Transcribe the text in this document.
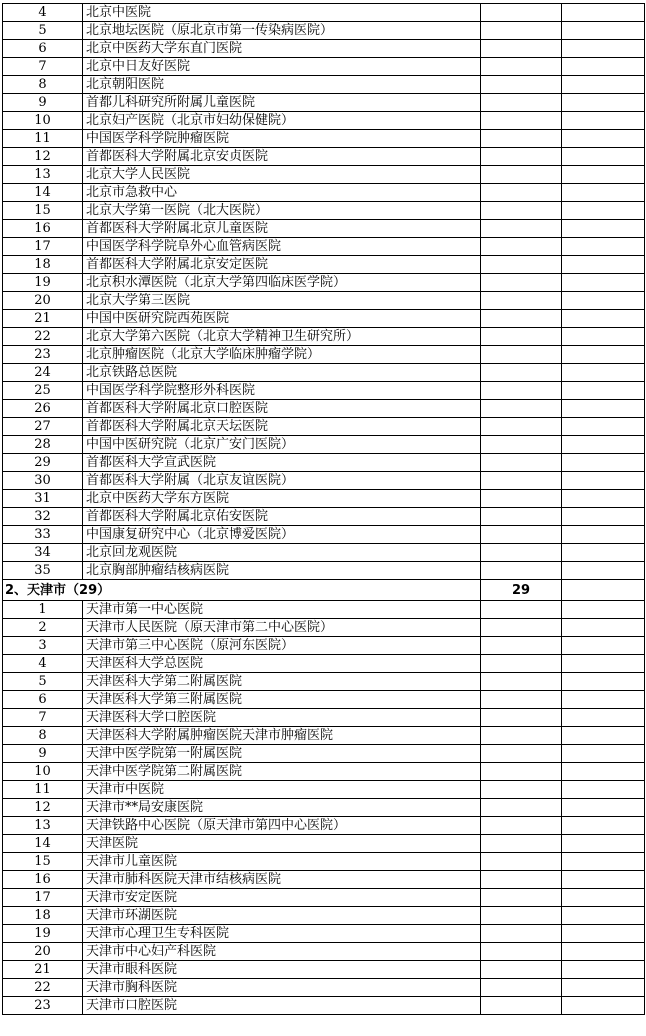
4	北京中医院		
5	北京地坛医院（原北京市第一传染病医院）		
6	北京中医药大学东直门医院		
7	北京中日友好医院		
8	北京朝阳医院		
9	首都儿科研究所附属儿童医院		
10	北京妇产医院（北京市妇幼保健院）		
11	中国医学科学院肿瘤医院		
12	首都医科大学附属北京安贞医院		
13	北京大学人民医院		
14	北京市急救中心		
15	北京大学第一医院（北大医院）		
16	首都医科大学附属北京儿童医院		
17	中国医学科学院阜外心血管病医院		
18	首都医科大学附属北京安定医院		
19	北京积水潭医院（北京大学第四临床医学院）		
20	北京大学第三医院		
21	中国中医研究院西苑医院		
22	北京大学第六医院（北京大学精神卫生研究所）		
23	北京肿瘤医院（北京大学临床肿瘤学院）		
24	北京铁路总医院		
25	中国医学科学院整形外科医院		
26	首都医科大学附属北京口腔医院		
27	首都医科大学附属北京天坛医院		
28	中国中医研究院（北京广安门医院）		
29	首都医科大学宣武医院		
30	首都医科大学附属（北京友谊医院）		
31	北京中医药大学东方医院		
32	首都医科大学附属北京佑安医院		
33	中国康复研究中心（北京博爱医院）		
34	北京回龙观医院		
35	北京胸部肿瘤结核病医院		
2、天津市（29）		29	
1	天津市第一中心医院		
2	天津市人民医院（原天津市第二中心医院）		
3	天津市第三中心医院（原河东医院）		
4	天津医科大学总医院		
5	天津医科大学第二附属医院		
6	天津医科大学第三附属医院		
7	天津医科大学口腔医院		
8	天津医科大学附属肿瘤医院天津市肿瘤医院		
9	天津中医学院第一附属医院		
10	天津中医学院第二附属医院		
11	天津市中医院		
12	天津市**局安康医院		
13	天津铁路中心医院（原天津市第四中心医院）		
14	天津医院		
15	天津市儿童医院		
16	天津市肺科医院天津市结核病医院		
17	天津市安定医院		
18	天津市环湖医院		
19	天津市心理卫生专科医院		
20	天津市中心妇产科医院		
21	天津市眼科医院		
22	天津市胸科医院		
23	天津市口腔医院		
